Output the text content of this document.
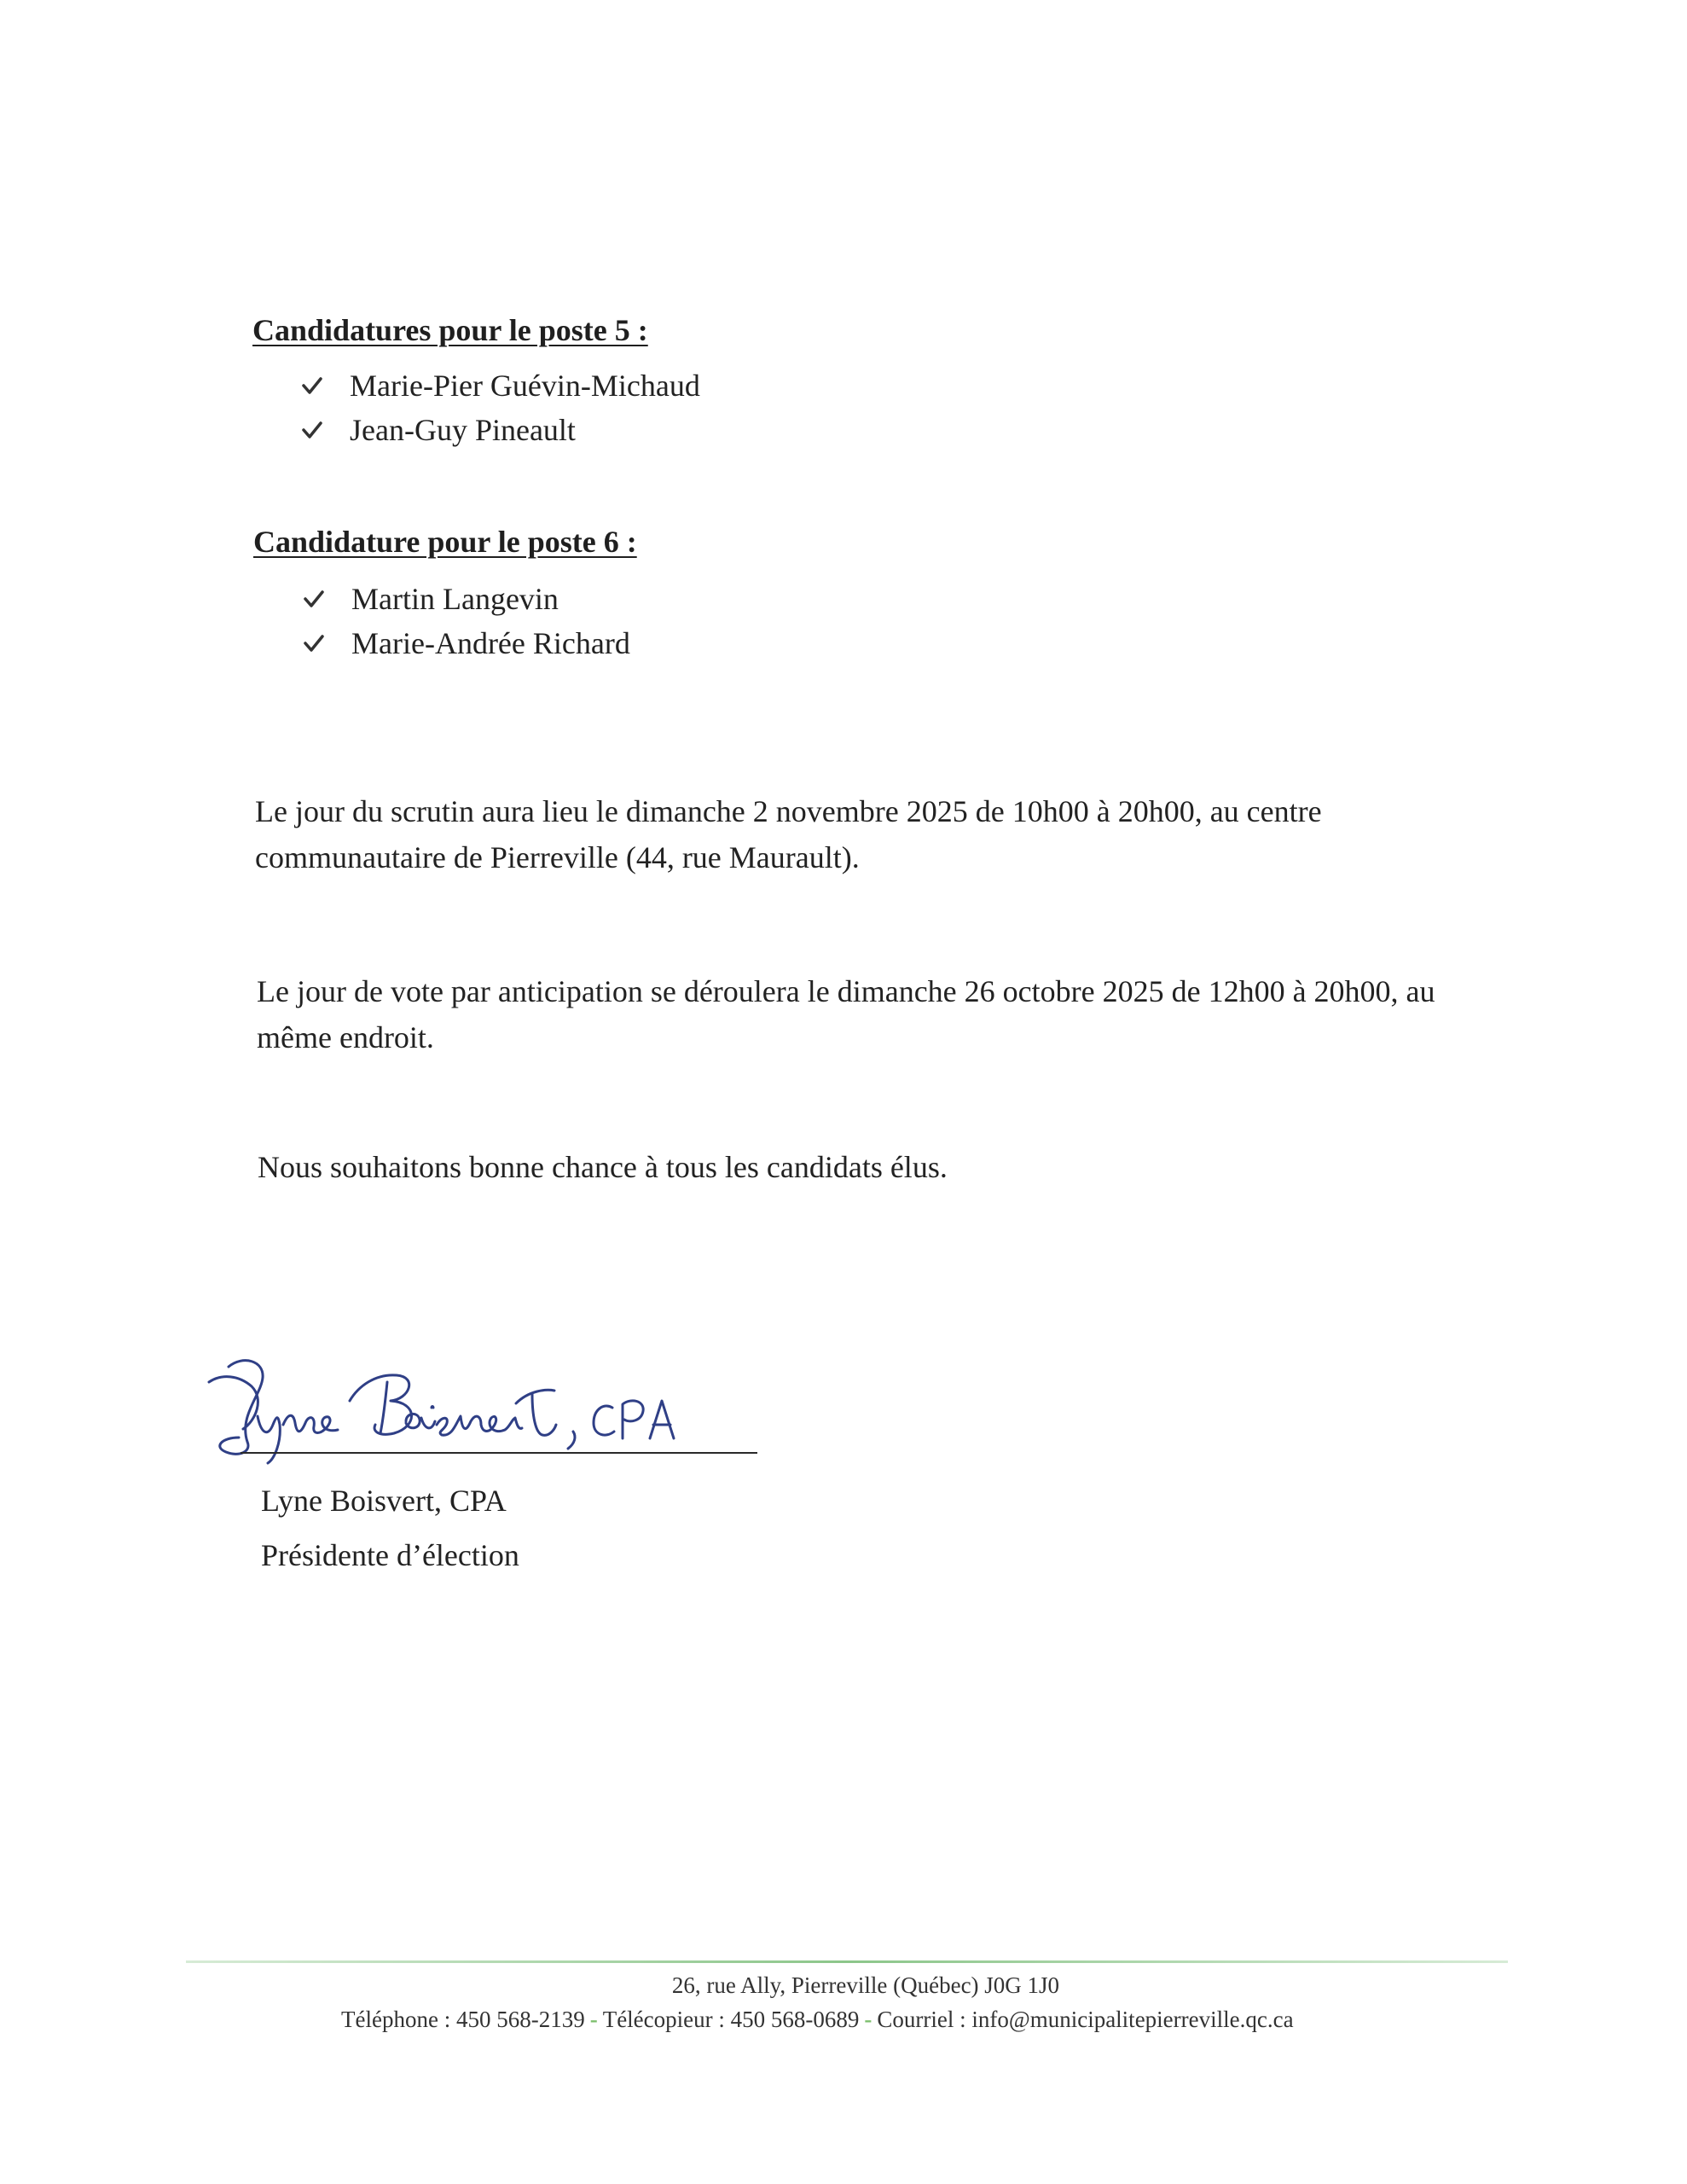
Candidatures pour le poste 5 :
Marie-Pier Guévin-Michaud
Jean-Guy Pineault
Candidature pour le poste 6 :
Martin Langevin
Marie-Andrée Richard

Le jour du scrutin aura lieu le dimanche 2 novembre 2025 de 10h00 à 20h00, au centre communautaire de Pierreville (44, rue Maurault).

Le jour de vote par anticipation se déroulera le dimanche 26 octobre 2025 de 12h00 à 20h00, au même endroit.

Nous souhaitons bonne chance à tous les candidats élus.

Lyne Boisvert, CPA
Présidente d’élection
26, rue Ally, Pierreville (Québec) J0G 1J0
Téléphone : 450 568-2139 - Télécopieur : 450 568-0689 - Courriel : info@municipalitepierreville.qc.ca
